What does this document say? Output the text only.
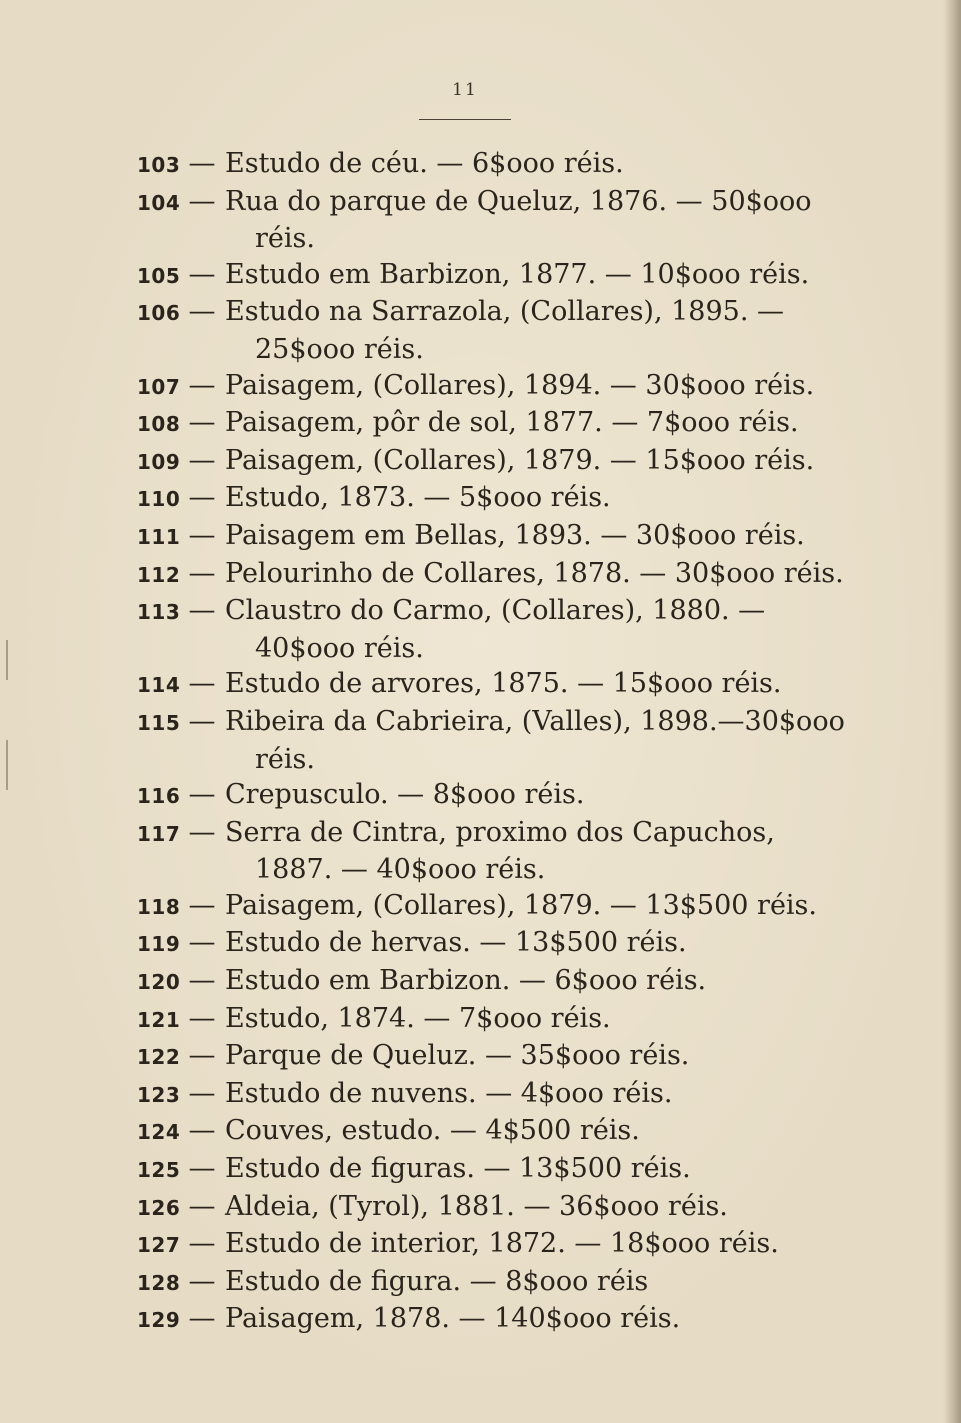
11
103 — Estudo de céu. — 6$ooo réis.
104 — Rua do parque de Queluz, 1876. — 50$ooo
réis.
105 — Estudo em Barbizon, 1877. — 10$ooo réis.
106 — Estudo na Sarrazola, (Collares), 1895. —
25$ooo réis.
107 — Paisagem, (Collares), 1894. — 30$ooo réis.
108 — Paisagem, pôr de sol, 1877. — 7$ooo réis.
109 — Paisagem, (Collares), 1879. — 15$ooo réis.
110 — Estudo, 1873. — 5$ooo réis.
111 — Paisagem em Bellas, 1893. — 30$ooo réis.
112 — Pelourinho de Collares, 1878. — 30$ooo réis.
113 — Claustro do Carmo, (Collares), 1880. —
40$ooo réis.
114 — Estudo de arvores, 1875. — 15$ooo réis.
115 — Ribeira da Cabrieira, (Valles), 1898.—30$ooo
réis.
116 — Crepusculo. — 8$ooo réis.
117 — Serra de Cintra, proximo dos Capuchos,
1887. — 40$ooo réis.
118 — Paisagem, (Collares), 1879. — 13$500 réis.
119 — Estudo de hervas. — 13$500 réis.
120 — Estudo em Barbizon. — 6$ooo réis.
121 — Estudo, 1874. — 7$ooo réis.
122 — Parque de Queluz. — 35$ooo réis.
123 — Estudo de nuvens. — 4$ooo réis.
124 — Couves, estudo. — 4$500 réis.
125 — Estudo de figuras. — 13$500 réis.
126 — Aldeia, (Tyrol), 1881. — 36$ooo réis.
127 — Estudo de interior, 1872. — 18$ooo réis.
128 — Estudo de figura. — 8$ooo réis
129 — Paisagem, 1878. — 140$ooo réis.
